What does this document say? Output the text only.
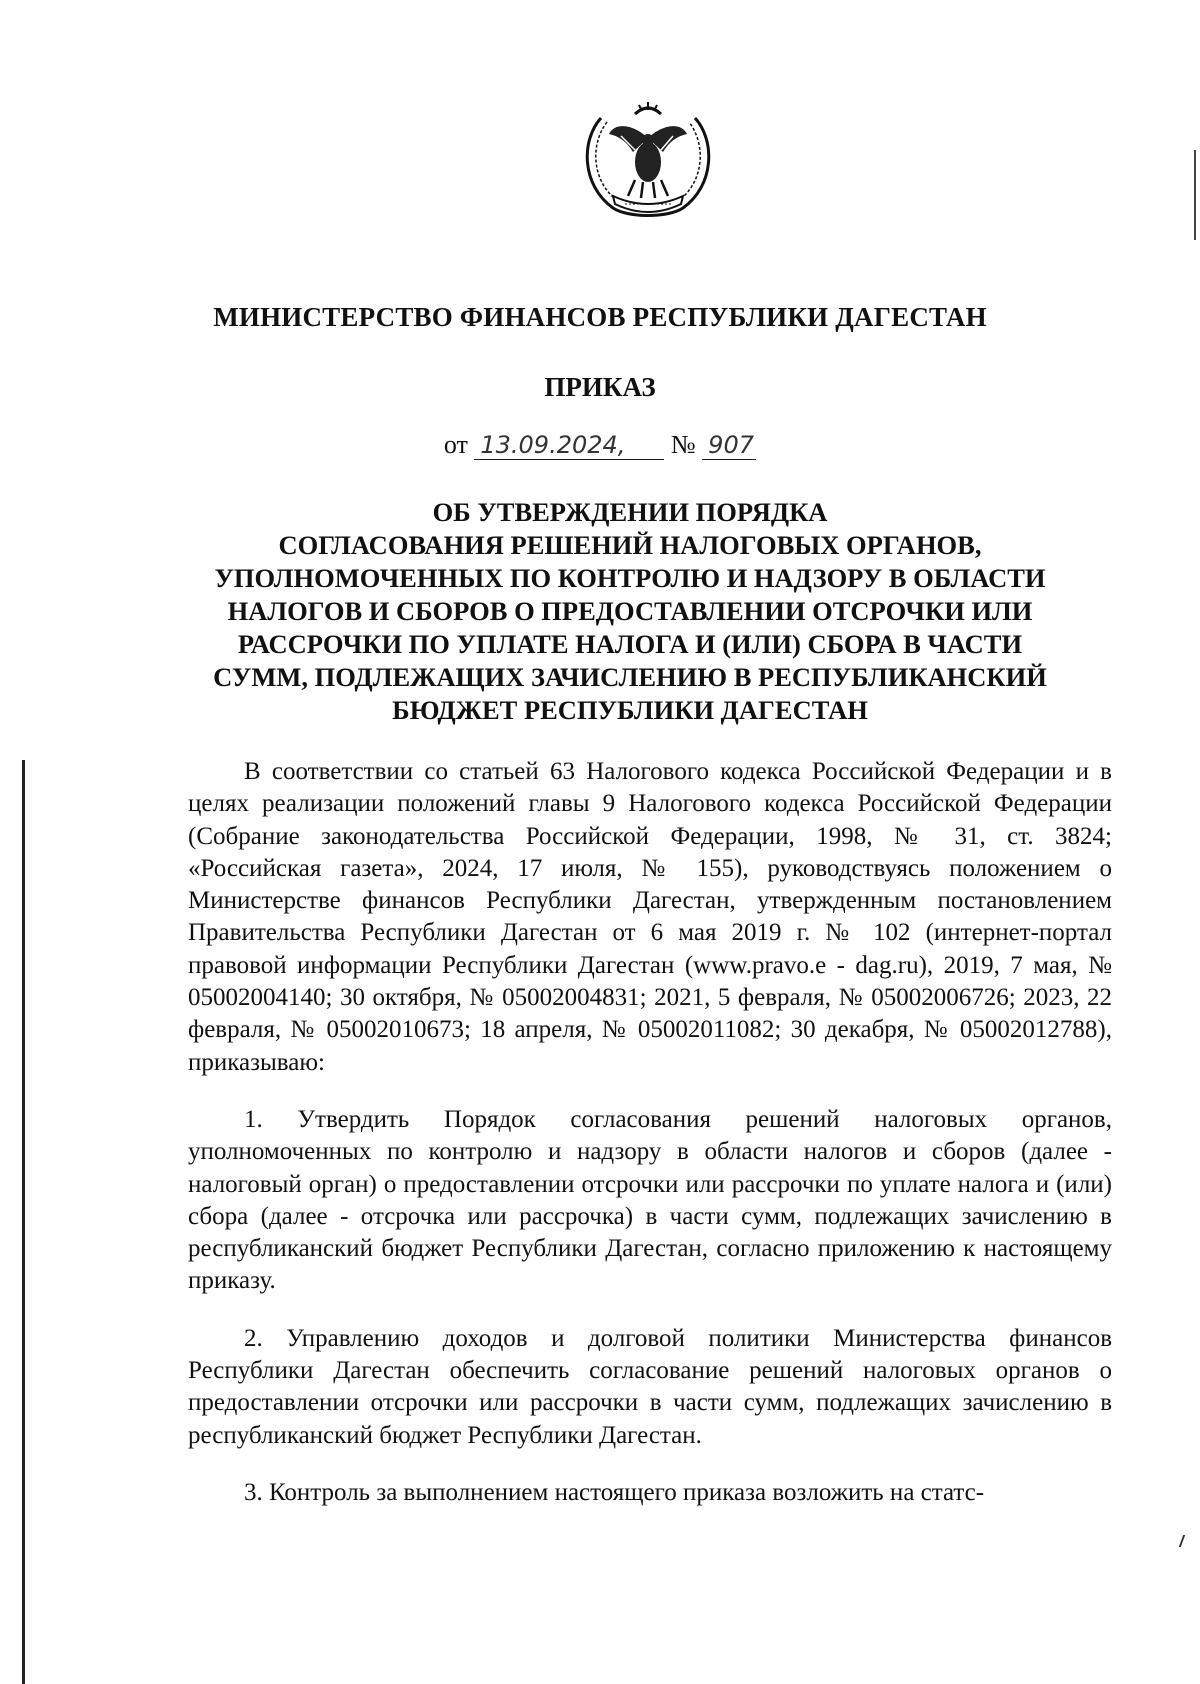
МИНИСТЕРСТВО ФИНАНСОВ РЕСПУБЛИКИ ДАГЕСТАН
ПРИКАЗ
от 13.09.2024, № 907
ОБ УТВЕРЖДЕНИИ ПОРЯДКА
СОГЛАСОВАНИЯ РЕШЕНИЙ НАЛОГОВЫХ ОРГАНОВ,
УПОЛНОМОЧЕННЫХ ПО КОНТРОЛЮ И НАДЗОРУ В ОБЛАСТИ
НАЛОГОВ И СБОРОВ О ПРЕДОСТАВЛЕНИИ ОТСРОЧКИ ИЛИ
РАССРОЧКИ ПО УПЛАТЕ НАЛОГА И (ИЛИ) СБОРА В ЧАСТИ
СУММ, ПОДЛЕЖАЩИХ ЗАЧИСЛЕНИЮ В РЕСПУБЛИКАНСКИЙ
БЮДЖЕТ РЕСПУБЛИКИ ДАГЕСТАН

В соответствии со статьей 63 Налогового кодекса Российской Федерации и в целях реализации положений главы 9 Налогового кодекса Российской Федерации (Собрание законодательства Российской Федерации, 1998, № 31, ст. 3824; «Российская газета», 2024, 17 июля, № 155), руководствуясь положением о Министерстве финансов Республики Дагестан, утвержденным постановлением Правительства Республики Дагестан от 6 мая 2019 г. № 102 (интернет-портал правовой информации Республики Дагестан (www.pravo.e - dag.ru), 2019, 7 мая, № 05002004140; 30 октября, № 05002004831; 2021, 5 февраля, № 05002006726; 2023, 22 февраля, № 05002010673; 18 апреля, № 05002011082; 30 декабря, № 05002012788), приказываю:

1. Утвердить Порядок согласования решений налоговых органов, уполномоченных по контролю и надзору в области налогов и сборов (далее - налоговый орган) о предоставлении отсрочки или рассрочки по уплате налога и (или) сбора (далее - отсрочка или рассрочка) в части сумм, подлежащих зачислению в республиканский бюджет Республики Дагестан, согласно приложению к настоящему приказу.

2. Управлению доходов и долговой политики Министерства финансов Республики Дагестан обеспечить согласование решений налоговых органов о предоставлении отсрочки или рассрочки в части сумм, подлежащих зачислению в республиканский бюджет Республики Дагестан.

3. Контроль за выполнением настоящего приказа возложить на статс-
